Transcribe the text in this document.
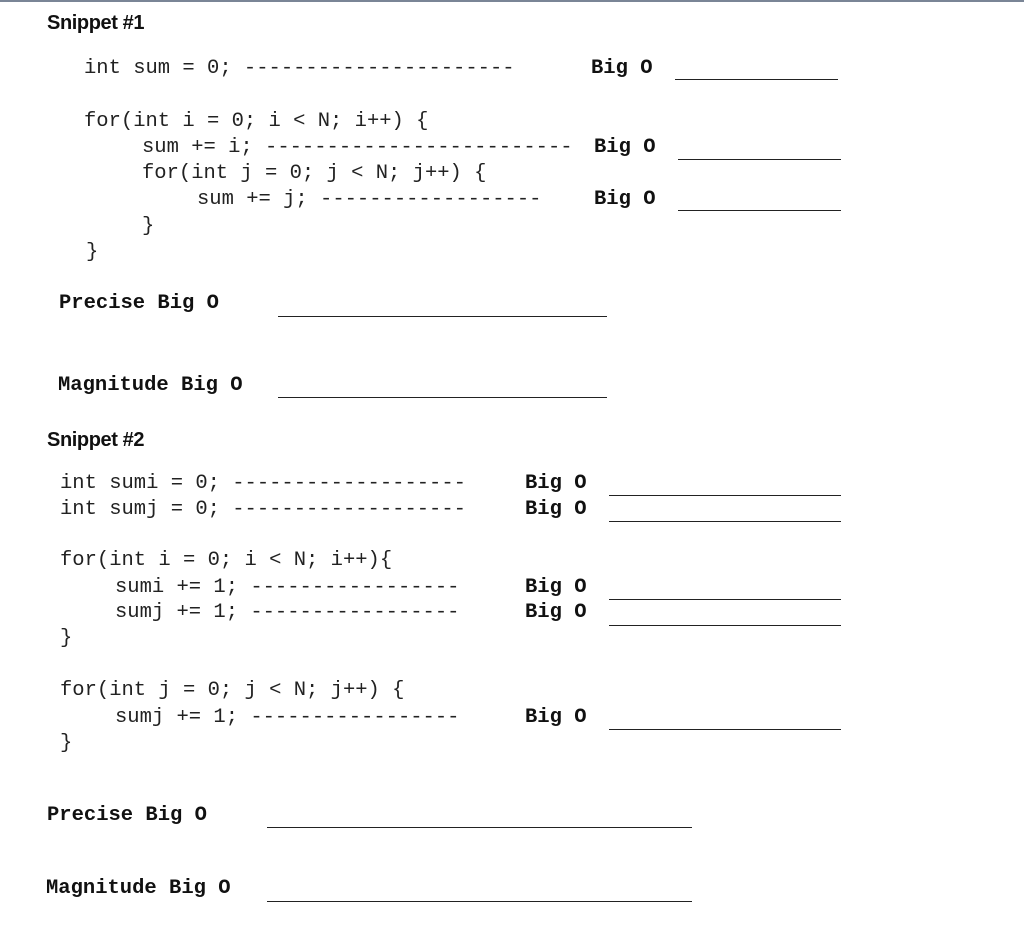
Snippet #1
int sum = 0; ----------------------	Big O
for(int i = 0; i < N; i++) {
sum += i; ------------------------- Big O
for(int j = 0; j < N; j++) {
sum += j; ------------------	Big O
}
}
Precise Big O
Magnitude Big O
Snippet #2
int sumi = 0; -------------------	Big O
int sumj = 0; -------------------	Big O
for(int i = 0; i < N; i++){
sumi += 1; -----------------	Big O
sumj += 1; -----------------	Big O
}
for(int j = 0; j < N; j++) {
sumj += 1; -----------------	Big O
}
Precise Big O
Magnitude Big O
